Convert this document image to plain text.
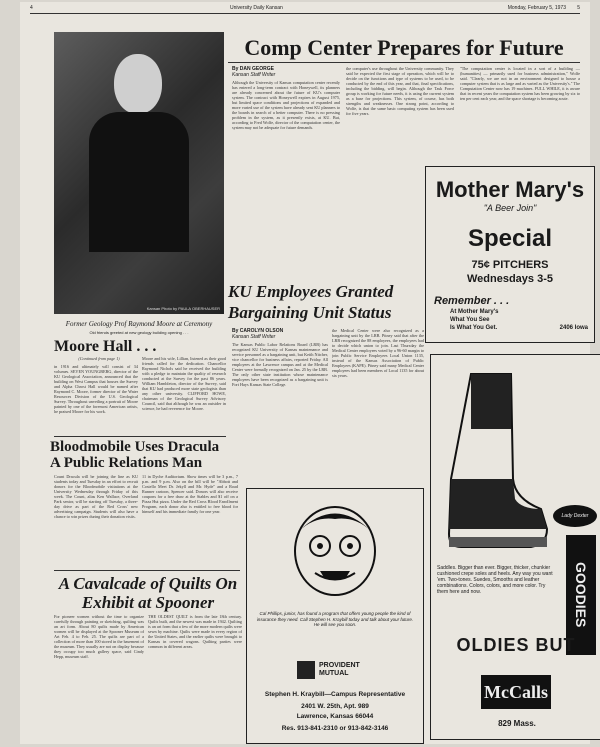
4	University Daily Kansan	Monday, February 5, 1973 5
Kansan Photo by PAULA OBERHAUSER
Former Geology Prof Raymond Moore at Ceremony
Old friends greeted at new geology building opening . . .
Comp Center Prepares for Future
By DAN GEORGE
Kansan Staff Writer
Although the University of Kansas computation center recently has entered a long-term contract with Honeywell, its planners are already concerned about the future of KU's computer system. The contract with Honeywell expires in August 1975, but limited space conditions and projections of expanded and more varied use of the system have already sent KU planners to the boards in search of a better computer. There is no pressing problem in the system, as it presently exists, at KU. But, according to Fred Wolfe, director of the computation center, the system may not be adequate for future demands.
the computer's use throughout the University community. They said he expected the first stage of operation, which will be to decide on the functions and type of systems to be used, to be conducted by the end of this year, and that, final specifications, including the bidding, will begin. Although the Task Force group is working for future needs, it is using the current system as a base for projections. This system, of course, has both strengths and weaknesses. One strong point, according to Wolfe, is that the same basic computing system has been used for five years.
"The computation center is located in a sort of a building — (humanities) — primarily used for business administration," Wolfe said. "Clearly, we are not in an environment designed to house a computer system that is as large and as varied as the University's." The Computation Center now has 19 machines. FULL WHILE, it is aware that in recent years the computation system has been growing by six to ten per cent each year, and the space shortage is becoming acute.
KU Employees Granted Bargaining Unit Status
By CAROLYN OLSON
Kansan Staff Writer
The Kansas Public Labor Relations Board (LRB) has recognized KU University of Kansas maintenance and service personnel as a bargaining unit, but Keith Nitcher, vice chancellor for business affairs, reported Friday. All employees at the Lawrence campus and at the Medical Center were formally recognized on Jan. 25 by the LRB. The only other state institution whose maintenance employees have been recognized as a bargaining unit is Fort Hays Kansas State College.
the Medical Center were also recognized as a bargaining unit by the LRB. Pitney said that after the LRB recognized the 88 employees, the employees had to decide which union to join. Last Thursday the Medical Center employees voted by a 96-60 margin to join Public Service Employees Local Union 1135, instead of the Kansas Association of Public Employees (KAPE). Pitney said many Medical Center employees had been members of Local 1135 for about six years.
Moore Hall . . .
(Continued from page 1)
in 1916 and ultimately will consist of 34 volumes. SEVEN YOUNGBERG, director of the KU Geological Association, announced that the building on West Campus that houses the Survey and Alpha Chrost Hall would be named after Raymond C. Moore, former director of the Water Resources Division of the U.S. Geological Survey. Throughout unveiling a portrait of Moore painted by one of the foremost American artists, he praised Moore for his work.
Moore and his wife, Lillian, listened as their good friends called for the dedication. Chancellor Raymond Nichols said he received the building with a pledge to maintain the quality of research conducted at the Survey for the past 86 years. William Hambleton, director of the Survey, said that KU had produced more state geologists than any other university. CLIFFORD HOWE, chairman of the Geological Survey Advisory Council, said that although he was an outsider in science, he had reverence for Moore.
Bloodmobile Uses Dracula A Public Relations Man
Count Dracula will be joining the line as KU students today and Tuesday in an effort to recruit donors for the Bloodmobile visitations at the University Wednesday through Friday of this week. The Count, alias Ken Wallace, Overland Park senior, will be starting off Tuesday, a three-day drive as part of the Red Cross' new advertising campaign. Students will also have a chance to win prizes during their donation visits.
11 in Dyche Auditorium. Show times will be 3 p.m., 7 p.m. and 9 p.m. Also on the bill will be "Abbott and Costello Meet Dr. Jekyll and Mr. Hyde" and a Road Runner cartoon, Spencer said. Donors will also receive coupons for a free draw at the Stables and $1 off on a Pizza Hut pizza. Under the Red Cross Blood Enrollment Program, each donor also is entitled to free blood for himself and his immediate family for one year.
A Cavalcade of Quilts On Exhibit at Spooner
For pioneer women without the time to organize carefully through painting or sketching, quilting was an art form. About 80 quilts made by American women will be displayed at the Spooner Museum of Art Feb. 4 to Feb. 25. The quilts are part of a collection of more than 100 stored in the basement of the museum. They usually are not on display because they occupy too much gallery space, said Cindy Hepp, museum staff.
THE OLDEST QUILT is from the late 18th century. Quilts built, and the newest was made in 1942. Quilting is an art form that a few of the more modern quilts were sewn by machine. Quilts were made in every region of the United States, and the earlier quilts were brought to Kansas in covered wagons. Quilting parties were common in different areas.
Mother Mary's
"A Beer Join"
Special
75¢ PITCHERS
Wednesdays 3-5
Remember . . .
At Mother Mary's
What You See
Is What You Get.	2406 Iowa
Lady Dexter
GOODIES
Saddles. Bigger than ever. Bigger, thicker, chunkier cushioned crepe soles and heels. Any way you want 'em. Two-tones. Suedes, Smooths and leather combinations. Colors, colors, and more color. Try them here and now.
OLDIES BUT
McCalls
829 Mass.
Cal Phillips, junior, has found a program that offers young people the kind of insurance they need. Call Stephen H. Kraybill today and talk about your future. He will see you soon.
PROVIDENT
MUTUAL
Stephen H. Kraybill—Campus Representative
2401 W. 25th, Apt. 989
Lawrence, Kansas 66044
Res. 913-841-2310 or 913-842-3146
